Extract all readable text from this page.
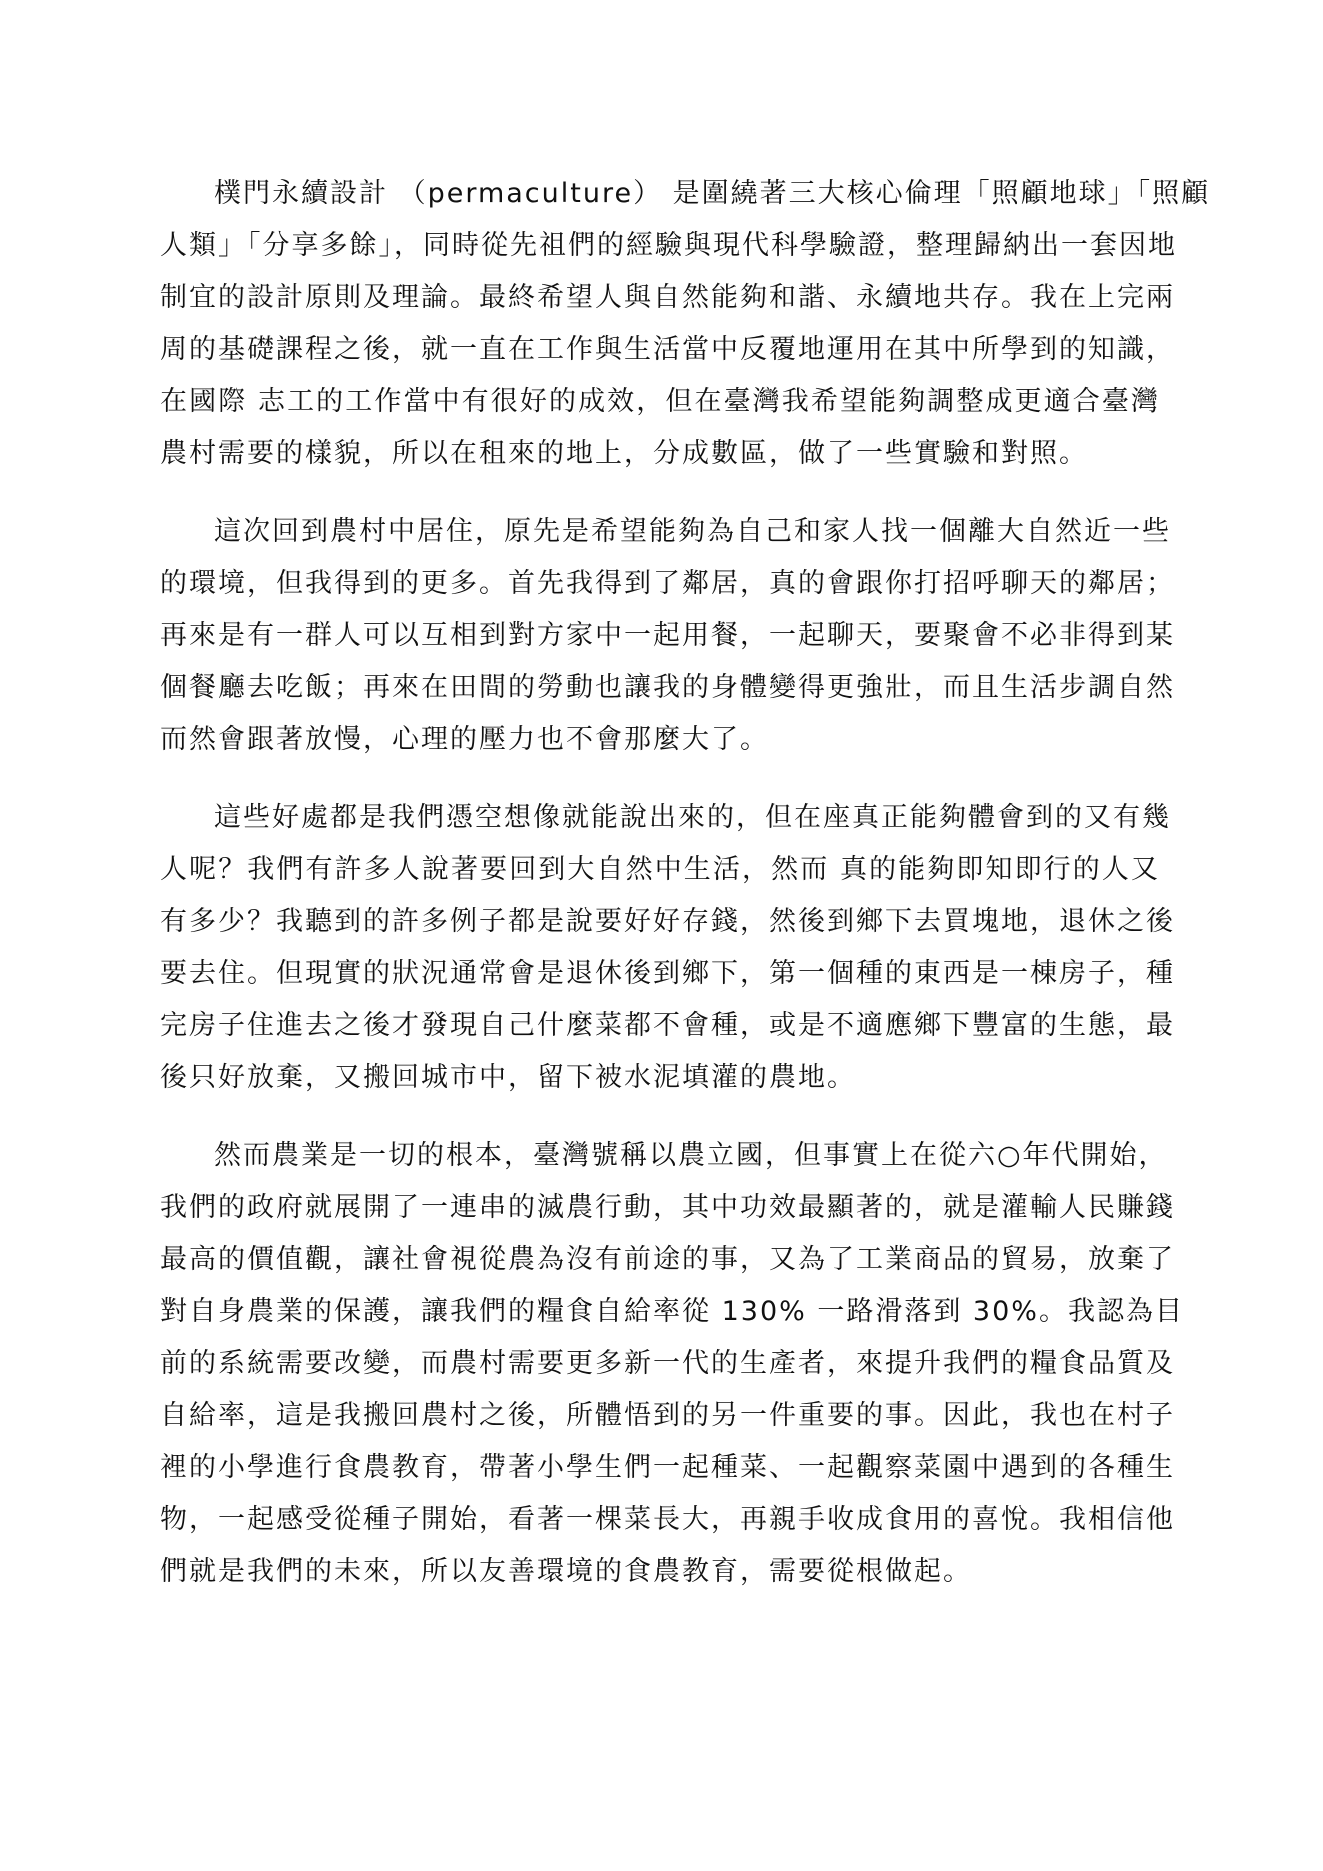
樸門永續設計 （permaculture） 是圍繞著三大核心倫理「照顧地球」「照顧
人類」「分享多餘」，同時從先祖們的經驗與現代科學驗證，整理歸納出一套因地
制宜的設計原則及理論。最終希望人與自然能夠和諧、永續地共存。我在上完兩
周的基礎課程之後，就一直在工作與生活當中反覆地運用在其中所學到的知識，
在國際 志工的工作當中有很好的成效，但在臺灣我希望能夠調整成更適合臺灣
農村需要的樣貌，所以在租來的地上，分成數區，做了一些實驗和對照。
這次回到農村中居住，原先是希望能夠為自己和家人找一個離大自然近一些
的環境，但我得到的更多。首先我得到了鄰居，真的會跟你打招呼聊天的鄰居；
再來是有一群人可以互相到對方家中一起用餐，一起聊天，要聚會不必非得到某
個餐廳去吃飯；再來在田間的勞動也讓我的身體變得更強壯，而且生活步調自然
而然會跟著放慢，心理的壓力也不會那麼大了。
這些好處都是我們憑空想像就能說出來的，但在座真正能夠體會到的又有幾
人呢？我們有許多人說著要回到大自然中生活，然而 真的能夠即知即行的人又
有多少？我聽到的許多例子都是說要好好存錢，然後到鄉下去買塊地，退休之後
要去住。但現實的狀況通常會是退休後到鄉下，第一個種的東西是一棟房子，種
完房子住進去之後才發現自己什麼菜都不會種，或是不適應鄉下豐富的生態，最
後只好放棄，又搬回城市中，留下被水泥填灌的農地。
然而農業是一切的根本，臺灣號稱以農立國，但事實上在從六○年代開始，
我們的政府就展開了一連串的滅農行動，其中功效最顯著的，就是灌輸人民賺錢
最高的價值觀，讓社會視從農為沒有前途的事，又為了工業商品的貿易，放棄了
對自身農業的保護，讓我們的糧食自給率從 130% 一路滑落到 30%。我認為目
前的系統需要改變，而農村需要更多新一代的生產者，來提升我們的糧食品質及
自給率，這是我搬回農村之後，所體悟到的另一件重要的事。因此，我也在村子
裡的小學進行食農教育，帶著小學生們一起種菜、一起觀察菜園中遇到的各種生
物，一起感受從種子開始，看著一棵菜長大，再親手收成食用的喜悅。我相信他
們就是我們的未來，所以友善環境的食農教育，需要從根做起。
